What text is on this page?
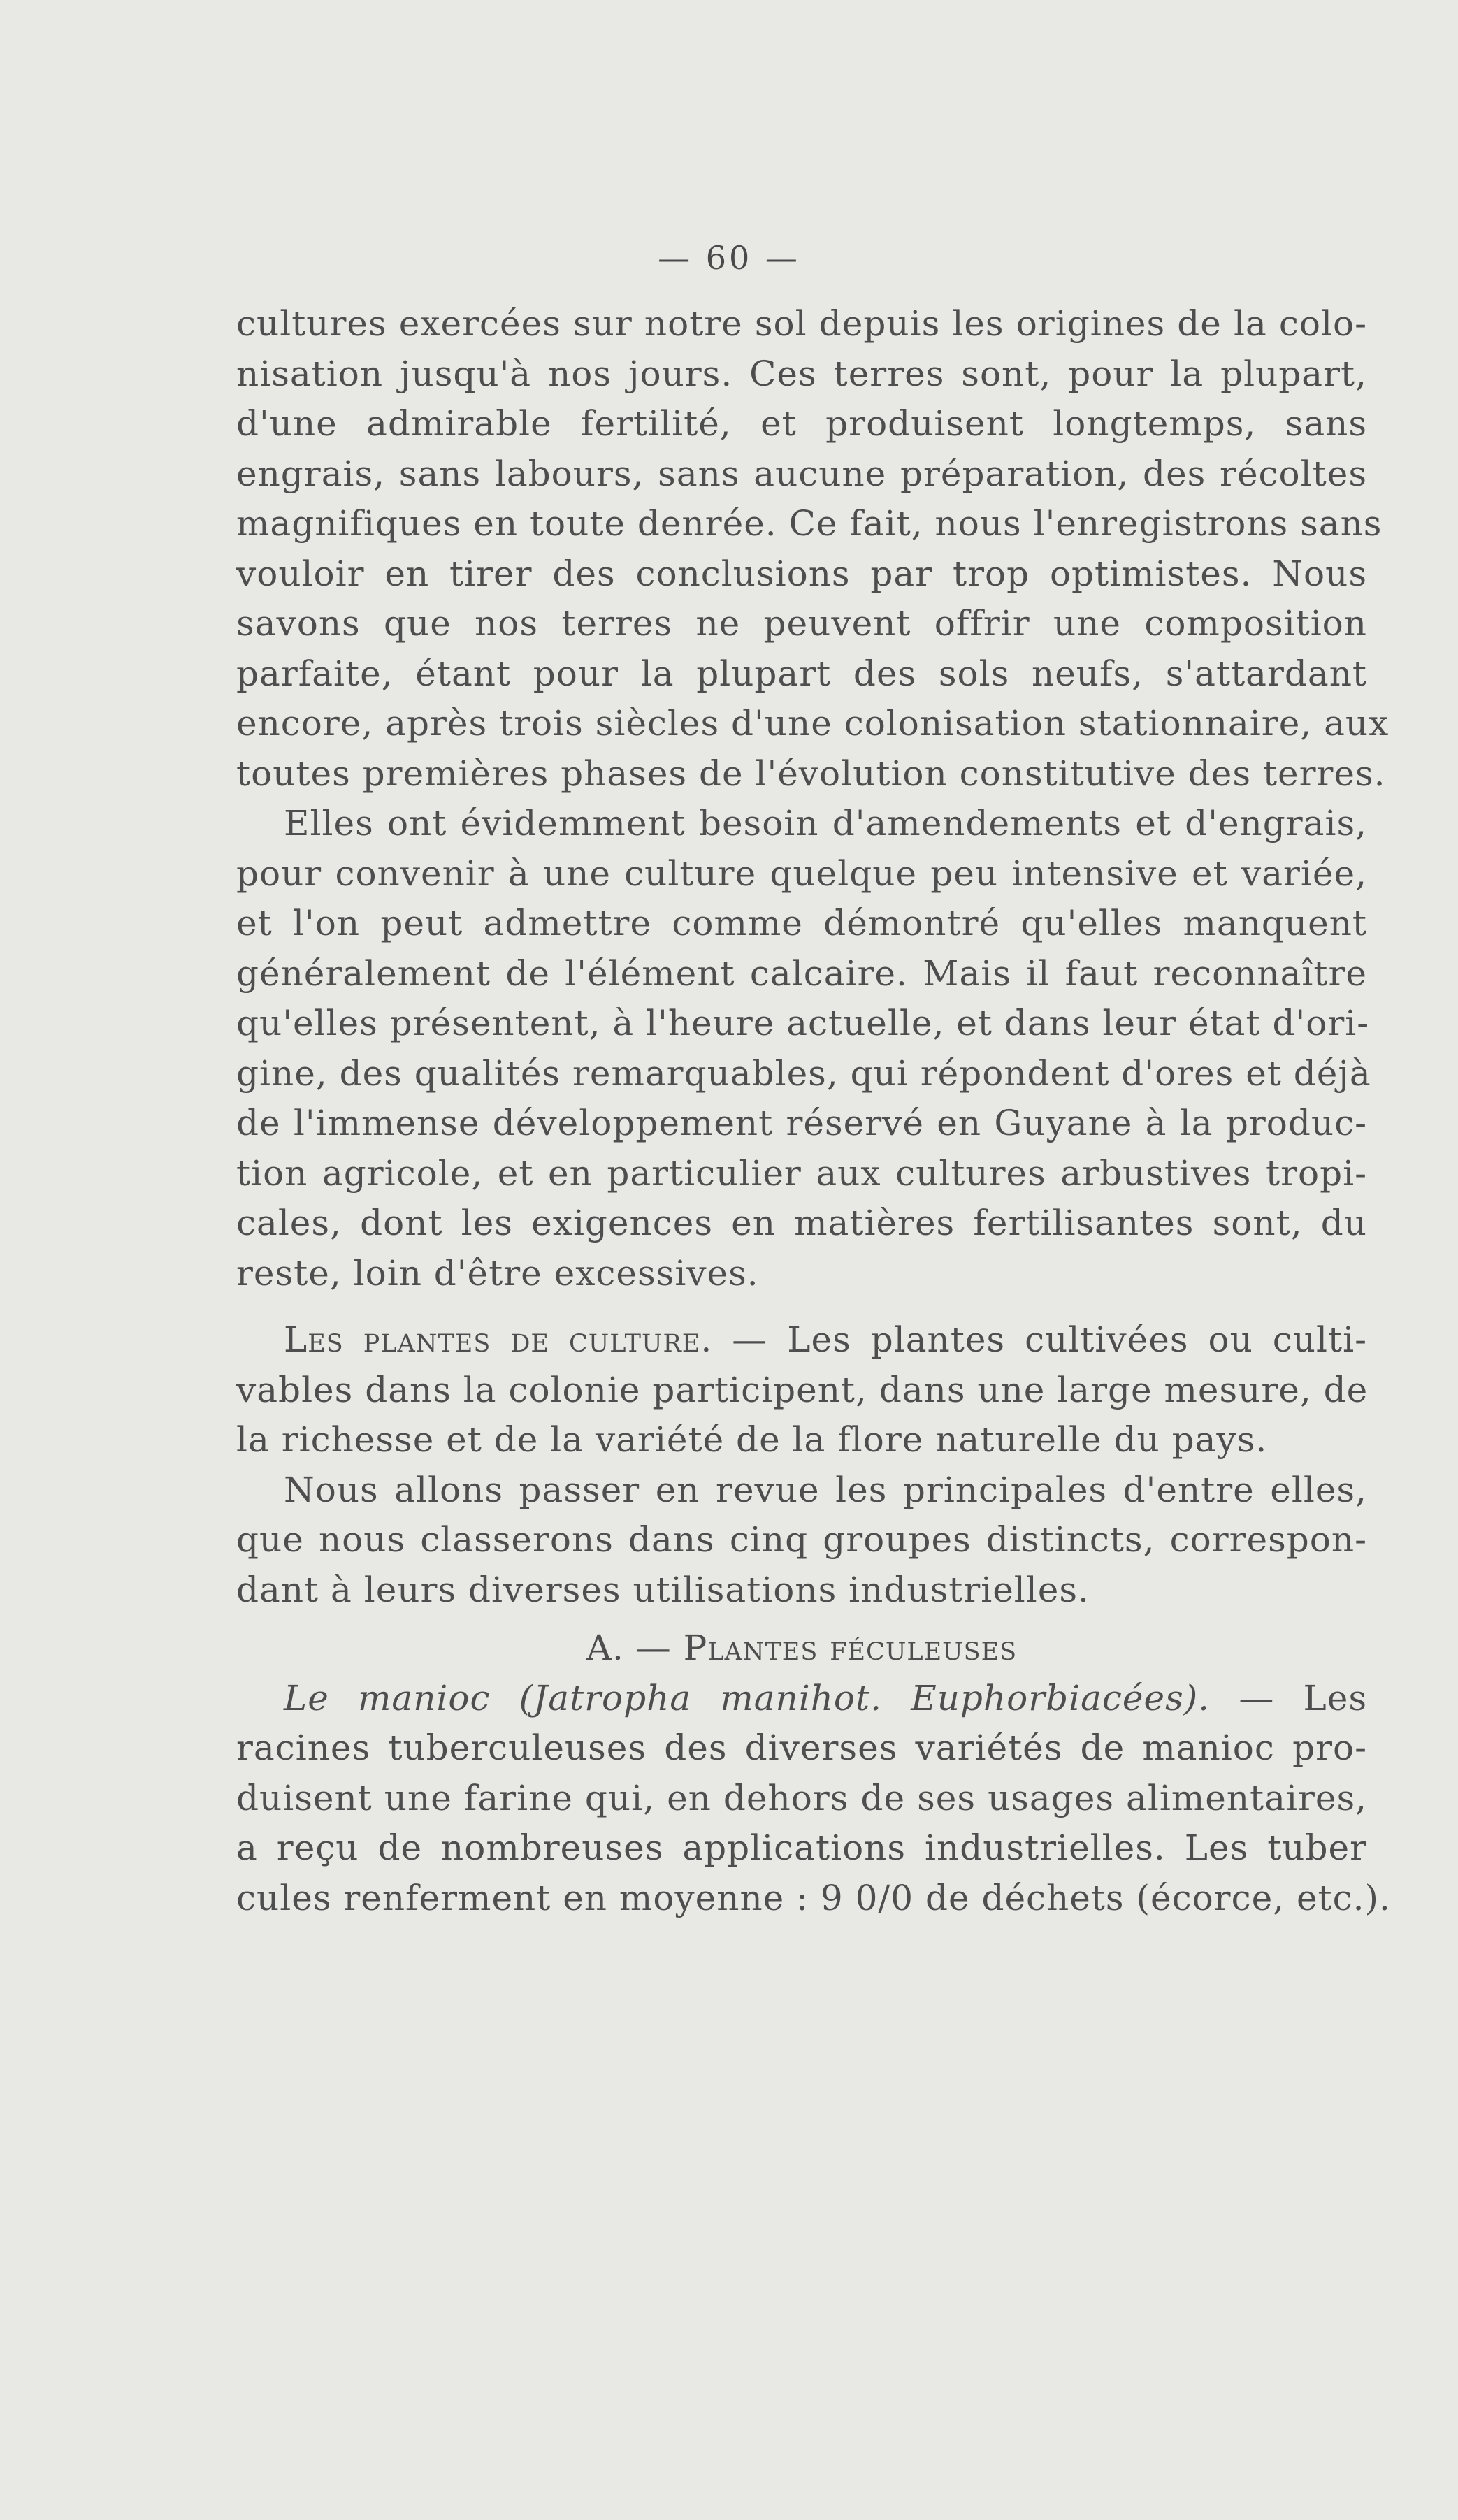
— 60 —
cultures exercées sur notre sol depuis les origines de la colo-
nisation jusqu'à nos jours. Ces terres sont, pour la plupart,
d'une admirable fertilité, et produisent longtemps, sans
engrais, sans labours, sans aucune préparation, des récoltes
magnifiques en toute denrée. Ce fait, nous l'enregistrons sans
vouloir en tirer des conclusions par trop optimistes. Nous
savons que nos terres ne peuvent offrir une composition
parfaite, étant pour la plupart des sols neufs, s'attardant
encore, après trois siècles d'une colonisation stationnaire, aux
toutes premières phases de l'évolution constitutive des terres.
Elles ont évidemment besoin d'amendements et d'engrais,
pour convenir à une culture quelque peu intensive et variée,
et l'on peut admettre comme démontré qu'elles manquent
généralement de l'élément calcaire. Mais il faut reconnaître
qu'elles présentent, à l'heure actuelle, et dans leur état d'ori-
gine, des qualités remarquables, qui répondent d'ores et déjà
de l'immense développement réservé en Guyane à la produc-
tion agricole, et en particulier aux cultures arbustives tropi-
cales, dont les exigences en matières fertilisantes sont, du
reste, loin d'être excessives.
Les plantes de culture. — Les plantes cultivées ou culti-
vables dans la colonie participent, dans une large mesure, de
la richesse et de la variété de la flore naturelle du pays.
Nous allons passer en revue les principales d'entre elles,
que nous classerons dans cinq groupes distincts, correspon-
dant à leurs diverses utilisations industrielles.
A. — Plantes féculeuses
Le manioc (Jatropha manihot. Euphorbiacées). — Les
racines tuberculeuses des diverses variétés de manioc pro-
duisent une farine qui, en dehors de ses usages alimentaires,
a reçu de nombreuses applications industrielles. Les tuber
cules renferment en moyenne : 9 0/0 de déchets (écorce, etc.).
